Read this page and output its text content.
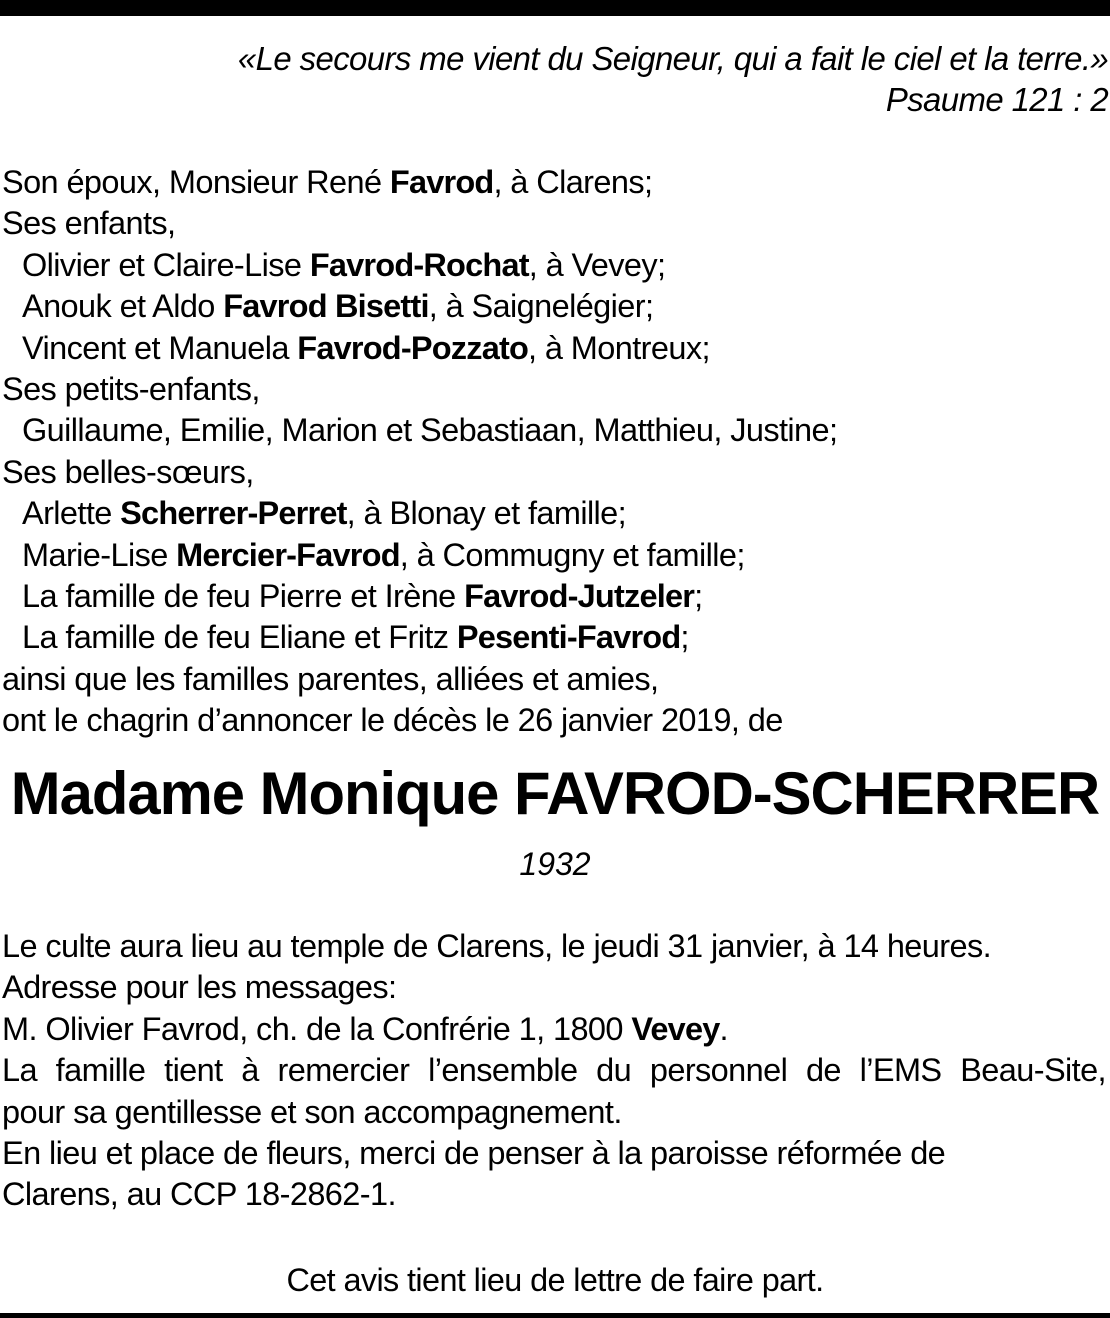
«Le secours me vient du Seigneur, qui a fait le ciel et la terre.»
Psaume 121 : 2
Son époux, Monsieur René Favrod, à Clarens;
Ses enfants,
Olivier et Claire-Lise Favrod-Rochat, à Vevey;
Anouk et Aldo Favrod Bisetti, à Saignelégier;
Vincent et Manuela Favrod-Pozzato, à Montreux;
Ses petits-enfants,
Guillaume, Emilie, Marion et Sebastiaan, Matthieu, Justine;
Ses belles-sœurs,
Arlette Scherrer-Perret, à Blonay et famille;
Marie-Lise Mercier-Favrod, à Commugny et famille;
La famille de feu Pierre et Irène Favrod-Jutzeler;
La famille de feu Eliane et Fritz Pesenti-Favrod;
ainsi que les familles parentes, alliées et amies,
ont le chagrin d’annoncer le décès le 26 janvier 2019, de
Madame Monique FAVROD-SCHERRER
1932
Le culte aura lieu au temple de Clarens, le jeudi 31 janvier, à 14 heures.
Adresse pour les messages:
M. Olivier Favrod, ch. de la Confrérie 1, 1800 Vevey.
La famille tient à remercier l’ensemble du personnel de l’EMS Beau-Site,
pour sa gentillesse et son accompagnement.
En lieu et place de fleurs, merci de penser à la paroisse réformée de
Clarens, au CCP 18-2862-1.
Cet avis tient lieu de lettre de faire part.
